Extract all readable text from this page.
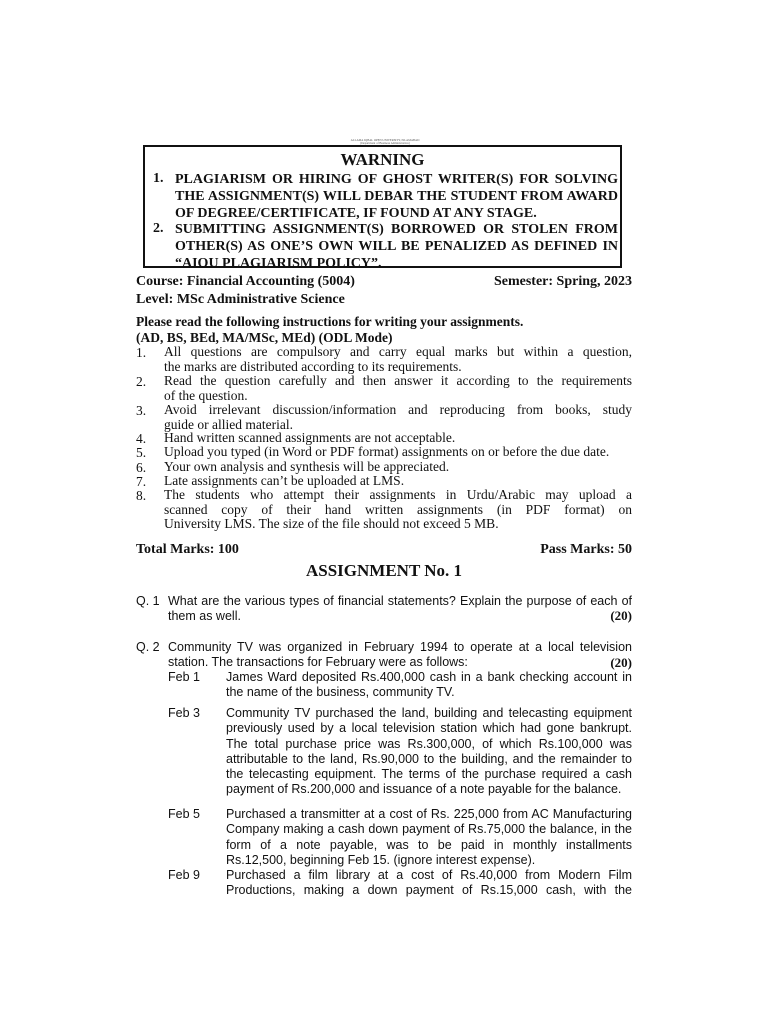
ALLAMA IQBAL OPEN UNIVERSITY, ISLAMABAD
(Department of Business Administration)
WARNING
1. PLAGIARISM OR HIRING OF GHOST WRITER(S) FOR SOLVING
THE ASSIGNMENT(S) WILL DEBAR THE STUDENT FROM AWARD
OF DEGREE/CERTIFICATE, IF FOUND AT ANY STAGE.
2. SUBMITTING ASSIGNMENT(S) BORROWED OR STOLEN FROM
OTHER(S) AS ONE’S OWN WILL BE PENALIZED AS DEFINED IN
“AIOU PLAGIARISM POLICY”.
Course: Financial Accounting (5004)	Semester: Spring, 2023
Level: MSc Administrative Science
Please read the following instructions for writing your assignments.
(AD, BS, BEd, MA/MSc, MEd) (ODL Mode)
1. All questions are compulsory and carry equal marks but within a question,
the marks are distributed according to its requirements.
2. Read the question carefully and then answer it according to the requirements
of the question.
3. Avoid irrelevant discussion/information and reproducing from books, study
guide or allied material.
4. Hand written scanned assignments are not acceptable.
5. Upload you typed (in Word or PDF format) assignments on or before the due date.
6. Your own analysis and synthesis will be appreciated.
7. Late assignments can’t be uploaded at LMS.
8. The students who attempt their assignments in Urdu/Arabic may upload a
scanned copy of their hand written assignments (in PDF format) on
University LMS. The size of the file should not exceed 5 MB.
Total Marks: 100	Pass Marks: 50
ASSIGNMENT No. 1
Q. 1 What are the various types of financial statements? Explain the purpose of each of
them as well.	(20)
Q. 2 Community TV was organized in February 1994 to operate at a local television
station. The transactions for February were as follows:	(20)
Feb 1 James Ward deposited Rs.400,000 cash in a bank checking account in
the name of the business, community TV.
Feb 3 Community TV purchased the land, building and telecasting equipment
previously used by a local television station which had gone bankrupt.
The total purchase price was Rs.300,000, of which Rs.100,000 was
attributable to the land, Rs.90,000 to the building, and the remainder to
the telecasting equipment. The terms of the purchase required a cash
payment of Rs.200,000 and issuance of a note payable for the balance.
Feb 5 Purchased a transmitter at a cost of Rs. 225,000 from AC Manufacturing
Company making a cash down payment of Rs.75,000 the balance, in the
form of a note payable, was to be paid in monthly installments
Rs.12,500, beginning Feb 15. (ignore interest expense).
Feb 9 Purchased a film library at a cost of Rs.40,000 from Modern Film
Productions, making a down payment of Rs.15,000 cash, with the
